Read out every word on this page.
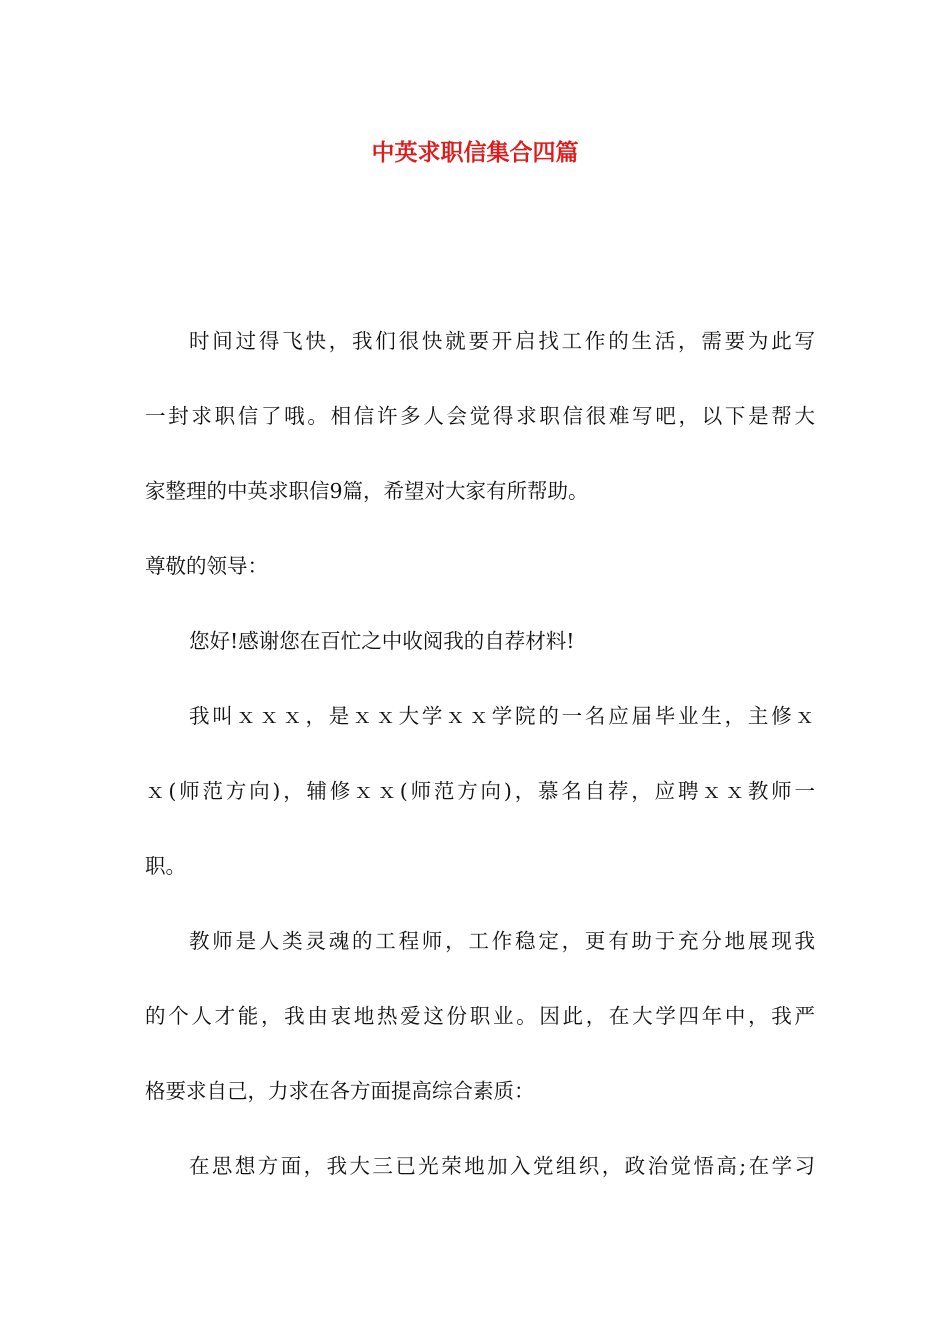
中英求职信集合四篇

时间过得飞快，我们很快就要开启找工作的生活，需要为此写

一封求职信了哦。相信许多人会觉得求职信很难写吧，以下是帮大

家整理的中英求职信9篇，希望对大家有所帮助。

尊敬的领导：

您好!感谢您在百忙之中收阅我的自荐材料!

我叫ｘｘｘ，是ｘｘ大学ｘｘ学院的一名应届毕业生，主修ｘ

ｘ(师范方向)，辅修ｘｘ(师范方向)，慕名自荐，应聘ｘｘ教师一

职。

教师是人类灵魂的工程师，工作稳定，更有助于充分地展现我

的个人才能，我由衷地热爱这份职业。因此，在大学四年中，我严

格要求自己，力求在各方面提高综合素质：

在思想方面，我大三已光荣地加入党组织，政治觉悟高;在学习
